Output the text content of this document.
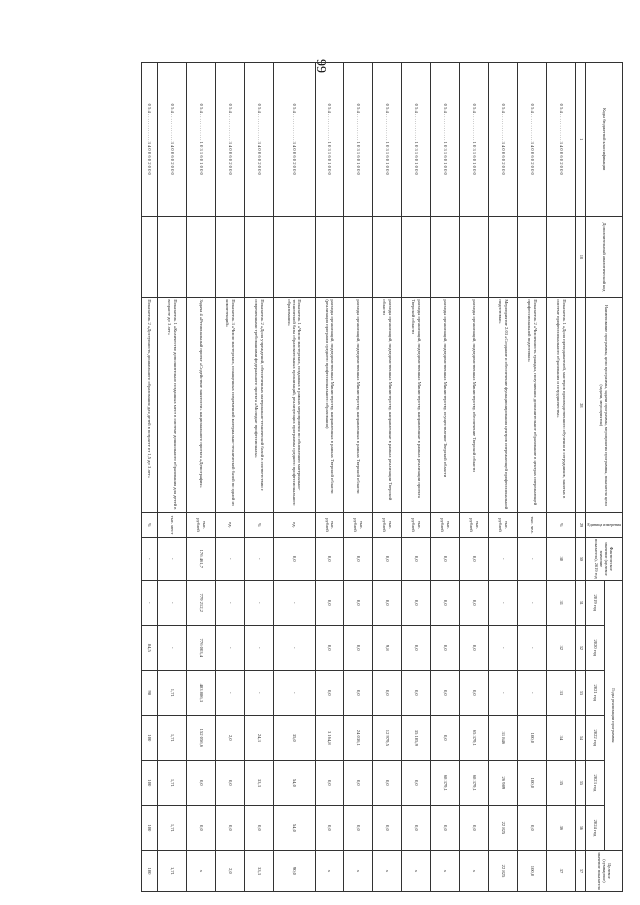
99
Коды бюджетной классификации	Дополнительный аналитический код	Наименование программы, цели программы, задачи программы, мероприятия программы, показателя цели (задачи, мероприятия)	Единица измерения	Фактическое значение (целевое значение показателя), 2019 год	Годы реализации программы						Целевое (суммарное) значение показателя
					2019 год	2020 год	2021 год	2022 год	2023 год	2024 год	
1	18	28	29	30	31	32	33	34	35	36	37
0 5 4 . . . . . . . . . . . . 3 4 0 0 6 0 2 0 0 0		Показатель 1 «Доля преподавателей, мастеров производственного обучения и сотрудников, занятых в системе профессионального образования и сотрудничества»	%	30	31	32	33	34	35	36	37
0 5 4 . . . . . . . . . . . . 3 4 0 0 6 0 2 0 0 0		Показатель 2 «Численность граждан, получивших дополнительное образование в центрах опережающей профессиональной подготовки»	тыс. чел.	-	-	-	-	100,0	100,0	0,0	100,0
0 5 4 . . . . . . . . . . . . 3 4 0 0 6 0 2 0 0 0		Мероприятие 2.03 «Создание и обеспечение функционирования центров опережающей профессиональной подготовки»	тыс. рублей	-	-	-	-	31 846	26 989	22 825	22 825
0 5 4 . . . . . . . . . . . . 1 0 3 1 6 0 1 0 0 0		расходы организаций, подведомственных Министерству, обеспечение Тверской области	тыс. рублей	0,0	0,0	0,0	0,0	65 379,1	68 379,1	0,0	x
0 5 4 . . . . . . . . . . . . 1 0 3 1 6 0 1 0 0 0		расходы организаций, подведомственных Министерству, осуществление Тверской области	тыс. рублей	0,0	0,0	0,0	0,0	0,0	68 379,1	0,0	x
0 5 4 . . . . . . . . . . . . 1 0 3 1 6 0 1 0 0 0		расходы организаций, подведомственных Министерству, направленные в рамках реализации проекта Тверской области	тыс. рублей	0,0	0,0	0,0	0,0	35 105,9	0,0	0,0	x
0 5 4 . . . . . . . . . . . . 1 0 3 1 6 0 1 0 0 0		расходы организаций, подведомственных Министерству, направленные в рамках реализации Тверской области	тыс. рублей	0,0	0,0	9,8	0,0	12 979,5	0,0	0,0	x
0 5 4 . . . . . . . . . . . . 1 0 3 1 6 0 1 0 0 0		расходы организаций, подведомственных Министерству, направленных в рамках Тверской области	тыс. рублей	0,0	0,0	0,0	0,0	24 036,1	0,0	0,0	x
0 5 4 . . . . . . . . . . . . 1 0 3 1 6 0 1 0 0 0		расходы организаций, подведомственных Министерству, направленных в рамках Тверской области (реализация программ среднего профессионального образования)	тыс. рублей	0,0	0,0	0,0	0,0	3 164,8	0,0	0,0	x
0 5 4 . . . . . . . . . . . . 3 4 0 0 6 0 2 0 0 0		Показатель 1 «Число мастерских, созданных в рамках мероприятия по обновлению материально-технической базы образовательных организаций, реализующих программы среднего профессионального образования»	ед.	0,0	-	-	-	35,0	54,0	54,0	90,0
0 5 4 . . . . . . . . . . . . 3 4 0 0 6 0 2 0 0 0		Показатель 2 «Доля учреждений, обеспеченных материально-технической базой в соответствии с современными требованиями федерального проекта «Молодые профессионалы»	%	-	-	-	-	24,3	33,3	0,0	33,3
0 5 4 . . . . . . . . . . . . 3 4 0 0 6 0 2 0 0 0		Показатель 3 «Число мастерских, оснащенных современной материально-технической базой по одной из компетенций»	ед.	-	-	-	-	2,0	0,0	0,0	2,0
0 5 4 . . . . . . . . . . . . 1 0 3 1 6 0 1 0 0 0		Задача 4 «Региональный проект «Содействие занятости» национального проекта «Демография»	тыс. рублей	176 461,7	779 212,2	776 003,4	483 886,3	152 056,6	0,0	0,0	x
0 5 4 . . . . . . . . . . . . 3 4 0 0 6 0 2 0 0 0		Показатель 1 «Количество дополнительно созданных мест в системе дошкольного образования для детей в возрасте до 3 лет»	тыс. мест	-	-	-	1,71	1,71	1,71	1,71	1,71
0 5 4 . . . . . . . . . . . . 3 4 0 0 6 0 2 0 0 0		Показатель 2 «Доступность дошкольного образования для детей в возрасте от 1,5 до 3 лет»	%	-	-	84,5	98	100	100	100	100
